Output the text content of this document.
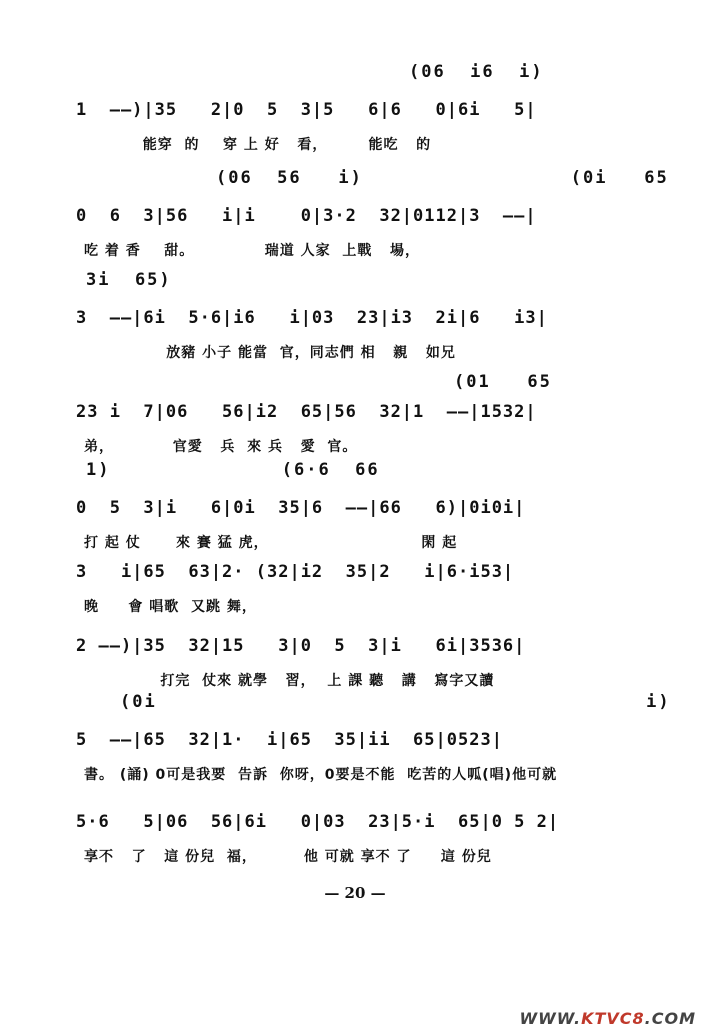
(06  i6  i)
1  ——)|35   2|0  5  3|5   6|6   0|6i   5|
能穿  的    穿 上 好   看，       能吃   的
(06  56   i)                 (0i   65
0  6  3|56   i|i    0|3·2  32|0112|3  ——|
吃 着 香    甜。            瑞道 人家  上戰   場，
3i  65)
3  ——|6i  5·6|i6   i|03  23|i3  2i|6   i3|
放豬 小子 能當  官，同志們 相   親   如兄
(01   65
23 i  7|06   56|i2  65|56  32|1  ——|1532|
弟，          官愛   兵  來 兵   愛  官。
1)              (6·6  66
0  5  3|i   6|0i  35|6  ——|66   6)|0i0i|
打 起 仗      來 賽 猛 虎，                          閑 起
3   i|65  63|2· (32|i2  35|2   i|6·i53|
晚     會 唱歌  又跳 舞，
2 ——)|35  32|15   3|0  5  3|i   6i|3536|
打完  仗來 就學   習，  上 課 聽   講   寫字又讀
(0i                                        i)
5  ——|65  32|1·  i|65  35|ii  65|0523|
書。 (誦) 0可是我要  告訴  你呀，0要是不能  吃苦的人呱(唱)他可就
5·6   5|06  56|6i   0|03  23|5·i  65|0 5 2|
享不   了   這 份兒  福，        他 可就 享不 了     這 份兒
— 20 —
WWW.KTVC8.COM
